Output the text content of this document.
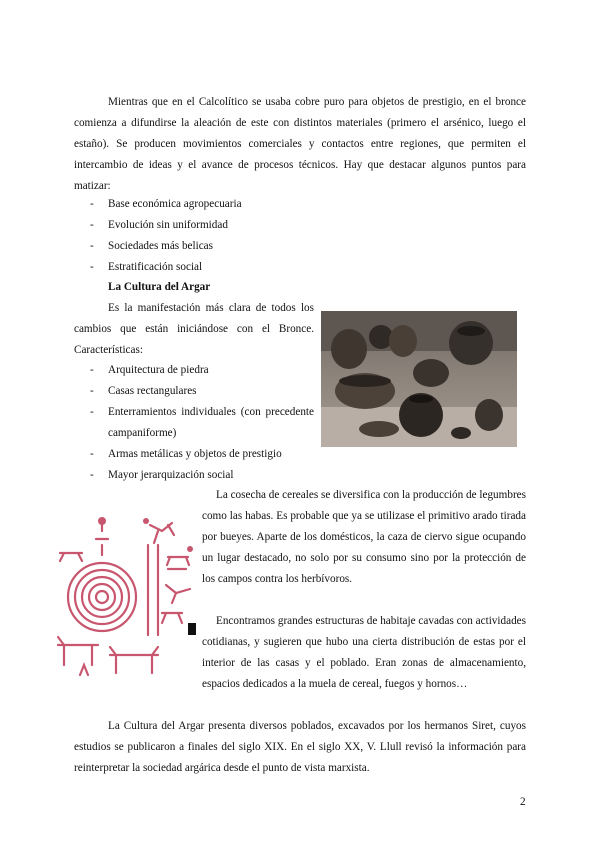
Mientras que en el Calcolítico se usaba cobre puro para objetos de prestigio, en el bronce comienza a difundirse la aleación de este con distintos materiales (primero el arsénico, luego el estaño). Se producen movimientos comerciales y contactos entre regiones, que permiten el intercambio de ideas y el avance de procesos técnicos. Hay que destacar algunos puntos para matizar:

- Base económica agropecuaria
- Evolución sin uniformidad
- Sociedades más belicas
- Estratificación social
La Cultura del Argar

Es la manifestación más clara de todos los cambios que están iniciándose con el Bronce. Características:

- Arquitectura de piedra
- Casas rectangulares
- Enterramientos individuales (con precedente campaniforme)
- Armas metálicas y objetos de prestigio
- Mayor jerarquización social

La cosecha de cereales se diversifica con la producción de legumbres como las habas. Es probable que ya se utilizase el primitivo arado tirada por bueyes. Aparte de los domésticos, la caza de ciervo sigue ocupando un lugar destacado, no solo por su consumo sino por la protección de los campos contra los herbívoros.

Encontramos grandes estructuras de habitaje cavadas con actividades cotidianas, y sugieren que hubo una cierta distribución de estas por el interior de las casas y el poblado. Eran zonas de almacenamiento, espacios dedicados a la muela de cereal, fuegos y hornos…

La Cultura del Argar presenta diversos poblados, excavados por los hermanos Siret, cuyos estudios se publicaron a finales del siglo XIX. En el siglo XX, V. Llull revisó la información para reinterpretar la sociedad argárica desde el punto de vista marxista.

2
